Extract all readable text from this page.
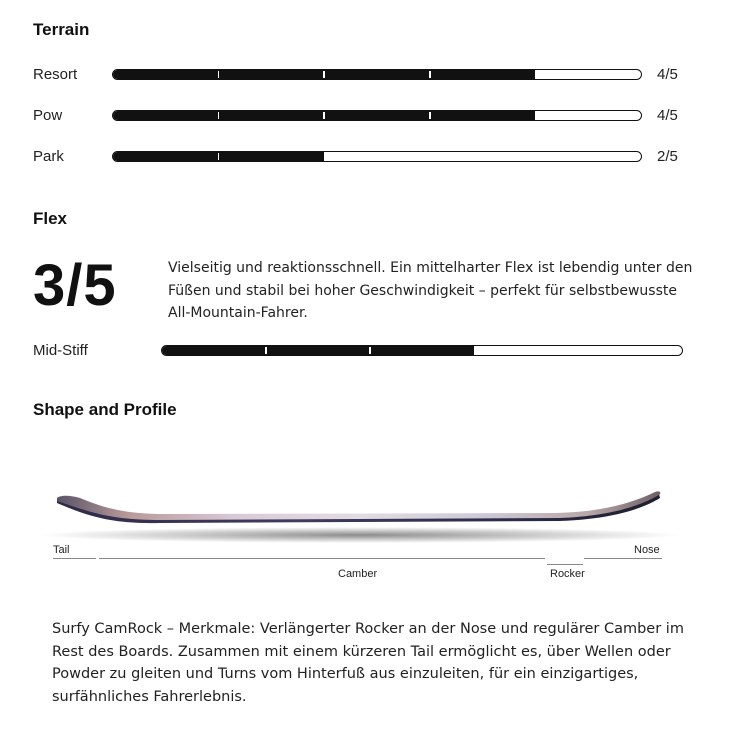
Terrain
Resort	4/5
Pow	4/5
Park	2/5
Flex
3/5	Vielseitig und reaktionsschnell. Ein mittelharter Flex ist lebendig unter den Füßen und stabil bei hoher Geschwindigkeit – perfekt für selbstbewusste All-Mountain-Fahrer.

Mid-Stiff
Shape and Profile
Tail	Nose
Camber	Rocker

Surfy CamRock – Merkmale: Verlängerter Rocker an der Nose und regulärer Camber im Rest des Boards. Zusammen mit einem kürzeren Tail ermöglicht es, über Wellen oder Powder zu gleiten und Turns vom Hinterfuß aus einzuleiten, für ein einzigartiges, surfähnliches Fahrerlebnis.
